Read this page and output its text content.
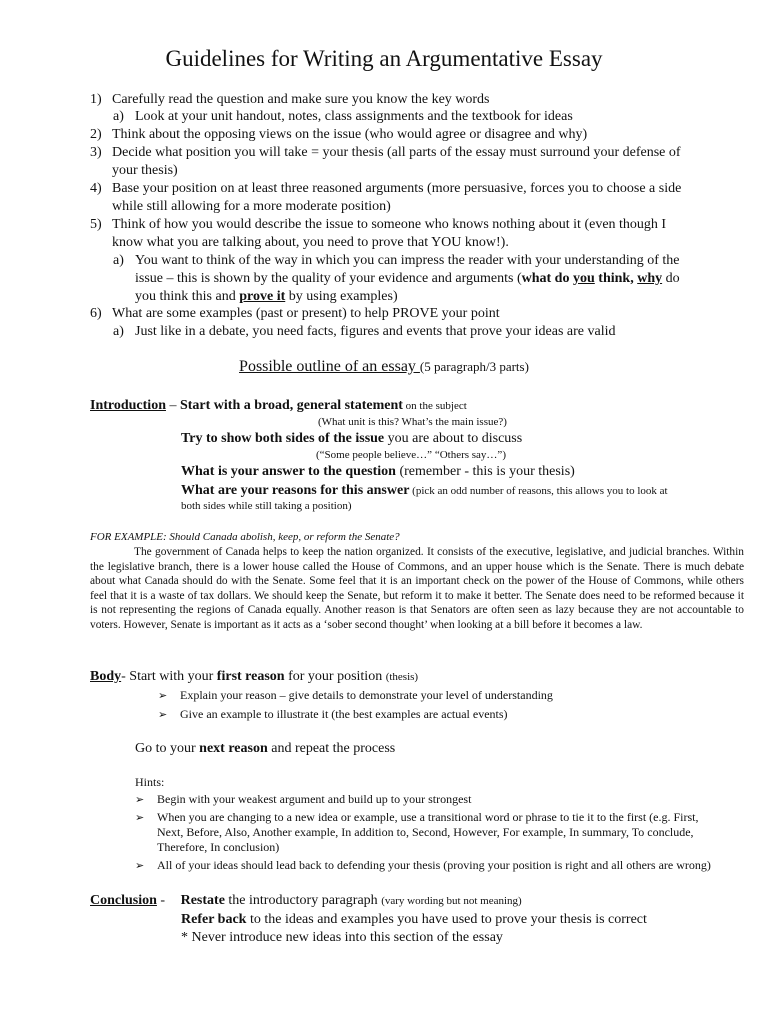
Guidelines for Writing an Argumentative Essay
1) Carefully read the question and make sure you know the key words
a) Look at your unit handout, notes, class assignments and the textbook for ideas
2) Think about the opposing views on the issue (who would agree or disagree and why)
3) Decide what position you will take = your thesis (all parts of the essay must surround your defense of
your thesis)
4) Base your position on at least three reasoned arguments (more persuasive, forces you to choose a side
while still allowing for a more moderate position)
5) Think of how you would describe the issue to someone who knows nothing about it (even though I
know what you are talking about, you need to prove that YOU know!).
a) You want to think of the way in which you can impress the reader with your understanding of the
issue – this is shown by the quality of your evidence and arguments (what do you think, why do
you think this and prove it by using examples)
6) What are some examples (past or present) to help PROVE your point
a) Just like in a debate, you need facts, figures and events that prove your ideas are valid
Possible outline of an essay (5 paragraph/3 parts)
Introduction – Start with a broad, general statement on the subject
(What unit is this? What’s the main issue?)
Try to show both sides of the issue you are about to discuss
(“Some people believe…” “Others say…”)
What is your answer to the question (remember - this is your thesis)
What are your reasons for this answer (pick an odd number of reasons, this allows you to look at
both sides while still taking a position)
FOR EXAMPLE: Should Canada abolish, keep, or reform the Senate?
The government of Canada helps to keep the nation organized. It consists of the executive, legislative, and judicial branches. Within the legislative branch, there is a lower house called the House of Commons, and an upper house which is the Senate. There is much debate about what Canada should do with the Senate. Some feel that it is an important check on the power of the House of Commons, while others feel that it is a waste of tax dollars. We should keep the Senate, but reform it to make it better. The Senate does need to be reformed because it is not representing the regions of Canada equally. Another reason is that Senators are often seen as lazy because they are not accountable to voters. However, Senate is important as it acts as a ‘sober second thought’ when looking at a bill before it becomes a law.
Body- Start with your first reason for your position (thesis)
➢ Explain your reason – give details to demonstrate your level of understanding
➢ Give an example to illustrate it (the best examples are actual events)
Go to your next reason and repeat the process
Hints:
➢ Begin with your weakest argument and build up to your strongest
➢ When you are changing to a new idea or example, use a transitional word or phrase to tie it to the first (e.g. First,
Next, Before, Also, Another example, In addition to, Second, However, For example, In summary, To conclude,
Therefore, In conclusion)
➢ All of your ideas should lead back to defending your thesis (proving your position is right and all others are wrong)
Conclusion - Restate the introductory paragraph (vary wording but not meaning)
Refer back to the ideas and examples you have used to prove your thesis is correct
* Never introduce new ideas into this section of the essay
